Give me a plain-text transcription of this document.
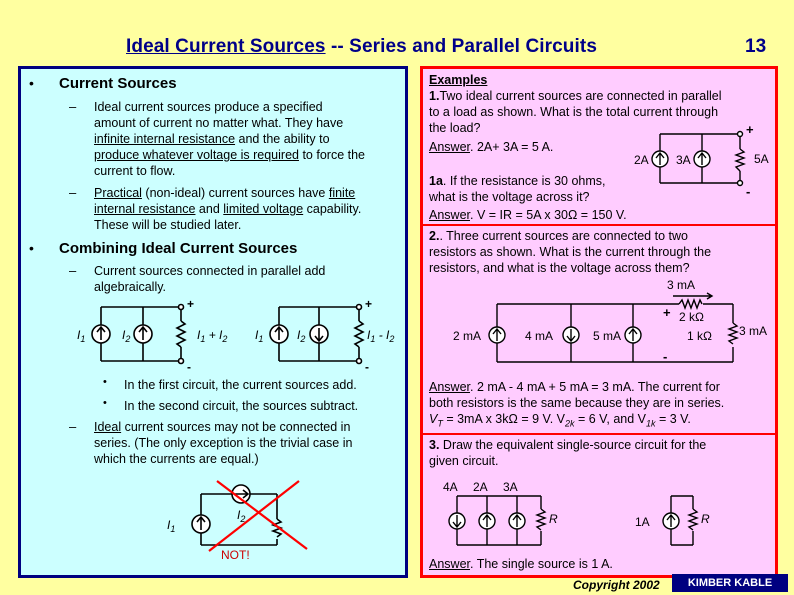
Ideal Current Sources -- Series and Parallel Circuits	13
• Current Sources
– Ideal current sources produce a specified
amount of current no matter what. They have
infinite internal resistance and the ability to
produce whatever voltage is required to force the
current to flow.
– Practical (non-ideal) current sources have finite
internal resistance and limited voltage capability.
These will be studied later.
• Combining Ideal Current Sources
– Current sources connected in parallel add
algebraically.
+
-
$I_1$	$I_2$	$I_1 + I_2$
+
-
$I_1$	$I_2$	$I_1 - I_2$
• In the first circuit, the current sources add.
• In the second circuit, the sources subtract.
– Ideal current sources may not be connected in
series. (The only exception is the trivial case in
which the currents are equal.)
$I_1$
$I_2$
NOT!
Examples
1.Two ideal current sources are connected in parallel
to a load as shown. What is the total current through
the load?
Answer. 2A+ 3A = 5 A.
+
-
2A 3A	5A
1a. If the resistance is 30 ohms,
what is the voltage across it?
Answer. V = IR = 5A x 30Ω = 150 V.
2.. Three current sources are connected to two
resistors as shown. What is the current through the
resistors, and what is the voltage across them?
+
-
2 mA	4 mA	5 mA
3 mA
2 kΩ
1 kΩ 3 mA
Answer. 2 mA - 4 mA + 5 mA = 3 mA. The current for
both resistors is the same because they are in series.
$V_T = 3mA$ x 3kΩ = 9 V. $V_{2k} = 6$ V, and $V_{1k} = 3$ V.
3. Draw the equivalent single-source circuit for the
given circuit.
4A 2A 3A
R	1A	R
Answer. The single source is 1 A.
Copyright 2002	KIMBER KABLE
